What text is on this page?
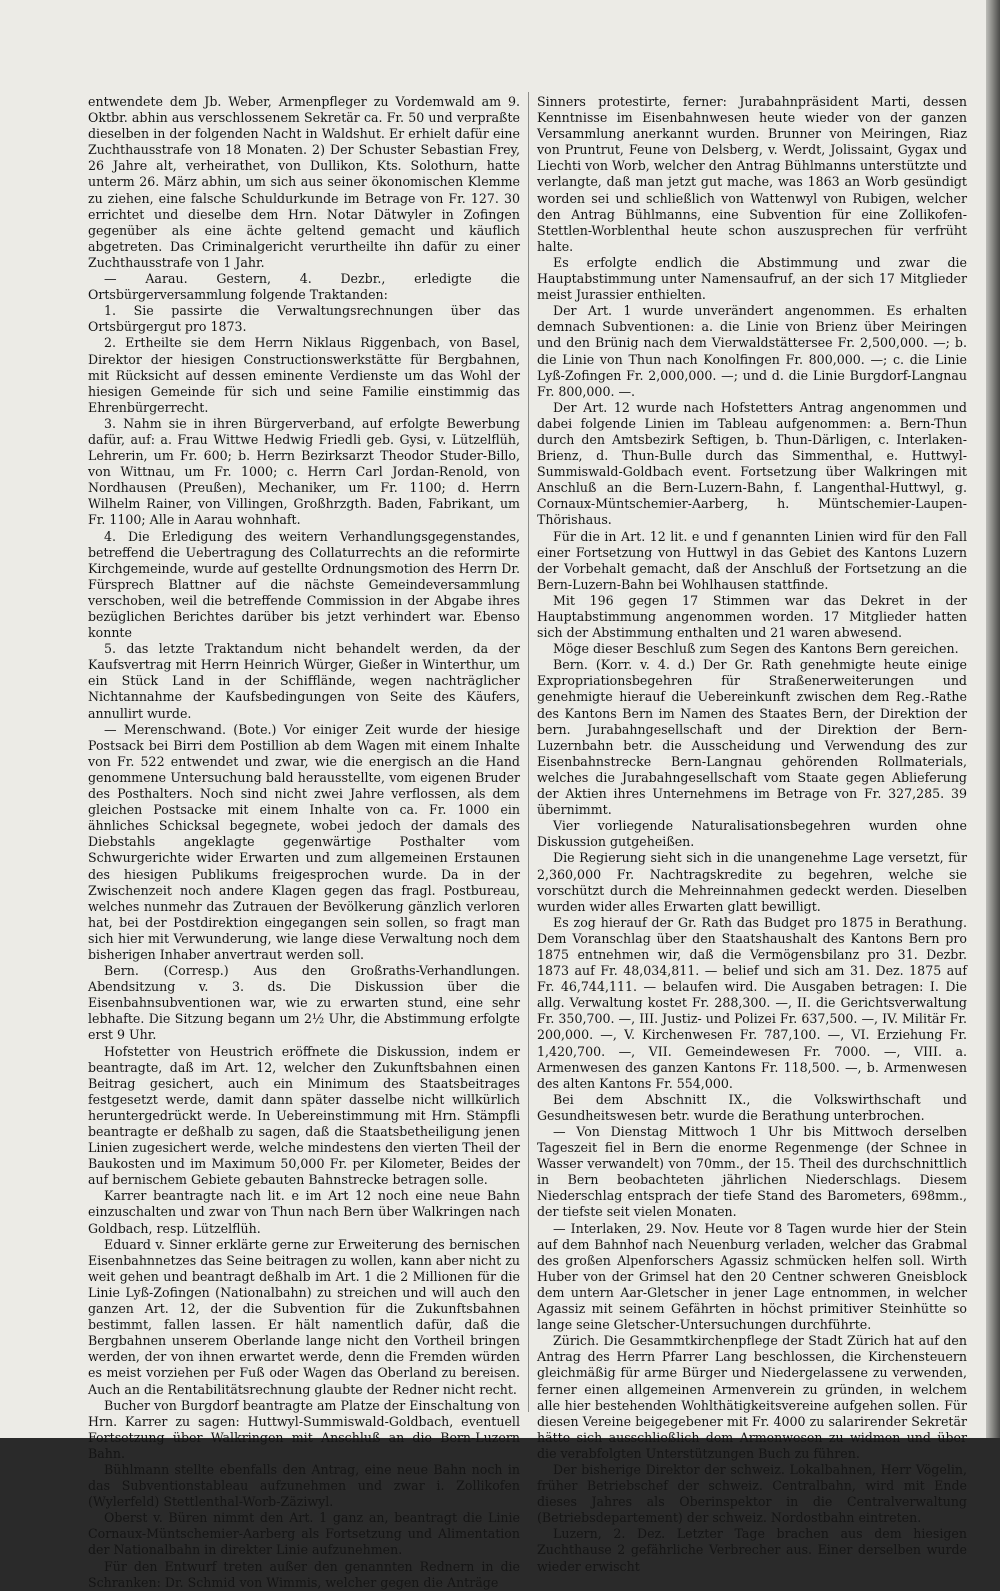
entwendete dem Jb. Weber, Armenpfleger zu Vordemwald am 9. Oktbr. abhin aus verschlossenem Sekretär ca. Fr. 50 und verpraßte dieselben in der folgenden Nacht in Waldshut. Er erhielt dafür eine Zuchthausstrafe von 18 Monaten. 2) Der Schuster Sebastian Frey, 26 Jahre alt, verheirathet, von Dullikon, Kts. Solothurn, hatte unterm 26. März abhin, um sich aus seiner ökonomischen Klemme zu ziehen, eine falsche Schuldurkunde im Betrage von Fr. 127. 30 errichtet und dieselbe dem Hrn. Notar Dätwyler in Zofingen gegenüber als eine ächte geltend gemacht und käuflich abgetreten. Das Criminalgericht verurtheilte ihn dafür zu einer Zuchthausstrafe von 1 Jahr.

— Aarau. Gestern, 4. Dezbr., erledigte die Ortsbürgerversammlung folgende Traktanden:

1. Sie passirte die Verwaltungsrechnungen über das Ortsbürgergut pro 1873.

2. Ertheilte sie dem Herrn Niklaus Riggenbach, von Basel, Direktor der hiesigen Constructionswerkstätte für Bergbahnen, mit Rücksicht auf dessen eminente Verdienste um das Wohl der hiesigen Gemeinde für sich und seine Familie einstimmig das Ehrenbürgerrecht.

3. Nahm sie in ihren Bürgerverband, auf erfolgte Bewerbung dafür, auf: a. Frau Wittwe Hedwig Friedli geb. Gysi, v. Lützelflüh, Lehrerin, um Fr. 600; b. Herrn Bezirksarzt Theodor Studer-Billo, von Wittnau, um Fr. 1000; c. Herrn Carl Jordan-Renold, von Nordhausen (Preußen), Mechaniker, um Fr. 1100; d. Herrn Wilhelm Rainer, von Villingen, Großhrzgth. Baden, Fabrikant, um Fr. 1100; Alle in Aarau wohnhaft.

4. Die Erledigung des weitern Verhandlungsgegenstandes, betreffend die Uebertragung des Collaturrechts an die reformirte Kirchgemeinde, wurde auf gestellte Ordnungsmotion des Herrn Dr. Fürsprech Blattner auf die nächste Gemeindeversammlung verschoben, weil die betreffende Commission in der Abgabe ihres bezüglichen Berichtes darüber bis jetzt verhindert war. Ebenso konnte

5. das letzte Traktandum nicht behandelt werden, da der Kaufsvertrag mit Herrn Heinrich Würger, Gießer in Winterthur, um ein Stück Land in der Schifflände, wegen nachträglicher Nichtannahme der Kaufsbedingungen von Seite des Käufers, annullirt wurde.

— Merenschwand. (Bote.) Vor einiger Zeit wurde der hiesige Postsack bei Birri dem Postillion ab dem Wagen mit einem Inhalte von Fr. 522 entwendet und zwar, wie die energisch an die Hand genommene Untersuchung bald herausstellte, vom eigenen Bruder des Posthalters. Noch sind nicht zwei Jahre verflossen, als dem gleichen Postsacke mit einem Inhalte von ca. Fr. 1000 ein ähnliches Schicksal begegnete, wobei jedoch der damals des Diebstahls angeklagte gegenwärtige Posthalter vom Schwurgerichte wider Erwarten und zum allgemeinen Erstaunen des hiesigen Publikums freigesprochen wurde. Da in der Zwischenzeit noch andere Klagen gegen das fragl. Postbureau, welches nunmehr das Zutrauen der Bevölkerung gänzlich verloren hat, bei der Postdirektion eingegangen sein sollen, so fragt man sich hier mit Verwunderung, wie lange diese Verwaltung noch dem bisherigen Inhaber anvertraut werden soll.

Bern. (Corresp.) Aus den Großraths-Verhandlungen. Abendsitzung v. 3. ds. Die Diskussion über die Eisenbahnsubventionen war, wie zu erwarten stund, eine sehr lebhafte. Die Sitzung begann um 2½ Uhr, die Abstimmung erfolgte erst 9 Uhr.

Hofstetter von Heustrich eröffnete die Diskussion, indem er beantragte, daß im Art. 12, welcher den Zukunftsbahnen einen Beitrag gesichert, auch ein Minimum des Staatsbeitrages festgesetzt werde, damit dann später dasselbe nicht willkürlich heruntergedrückt werde. In Uebereinstimmung mit Hrn. Stämpfli beantragte er deßhalb zu sagen, daß die Staatsbetheiligung jenen Linien zugesichert werde, welche mindestens den vierten Theil der Baukosten und im Maximum 50,000 Fr. per Kilometer, Beides der auf bernischem Gebiete gebauten Bahnstrecke betragen solle.

Karrer beantragte nach lit. e im Art 12 noch eine neue Bahn einzuschalten und zwar von Thun nach Bern über Walkringen nach Goldbach, resp. Lützelflüh.

Eduard v. Sinner erklärte gerne zur Erweiterung des bernischen Eisenbahnnetzes das Seine beitragen zu wollen, kann aber nicht zu weit gehen und beantragt deßhalb im Art. 1 die 2 Millionen für die Linie Lyß-Zofingen (Nationalbahn) zu streichen und will auch den ganzen Art. 12, der die Subvention für die Zukunftsbahnen bestimmt, fallen lassen. Er hält namentlich dafür, daß die Bergbahnen unserem Oberlande lange nicht den Vortheil bringen werden, der von ihnen erwartet werde, denn die Fremden würden es meist vorziehen per Fuß oder Wagen das Oberland zu bereisen. Auch an die Rentabilitätsrechnung glaubte der Redner nicht recht.

Bucher von Burgdorf beantragte am Platze der Einschaltung von Hrn. Karrer zu sagen: Huttwyl-Summiswald-Goldbach, eventuell Fortsetzung über Walkringen mit Anschluß an die Bern-Luzern Bahn.

Bühlmann stellte ebenfalls den Antrag, eine neue Bahn noch in das Subventionstableau aufzunehmen und zwar i. Zollikofen (Wylerfeld) Stettlenthal-Worb-Zäziwyl.

Oberst v. Büren nimmt den Art. 1 ganz an, beantragt die Linie Cornaux-Müntschemier-Aarberg als Fortsetzung und Alimentation der Nationalbahn in direkter Linie aufzunehmen.

Für den Entwurf treten außer den genannten Rednern in die Schranken: Dr. Schmid von Wimmis, welcher gegen die Anträge

Sinners protestirte, ferner: Jurabahnpräsident Marti, dessen Kenntnisse im Eisenbahnwesen heute wieder von der ganzen Versammlung anerkannt wurden. Brunner von Meiringen, Riaz von Pruntrut, Feune von Delsberg, v. Werdt, Jolissaint, Gygax und Liechti von Worb, welcher den Antrag Bühlmanns unterstützte und verlangte, daß man jetzt gut mache, was 1863 an Worb gesündigt worden sei und schließlich von Wattenwyl von Rubigen, welcher den Antrag Bühlmanns, eine Subvention für eine Zollikofen-Stettlen-Worblenthal heute schon auszusprechen für verfrüht halte.

Es erfolgte endlich die Abstimmung und zwar die Hauptabstimmung unter Namensaufruf, an der sich 17 Mitglieder meist Jurassier enthielten.

Der Art. 1 wurde unverändert angenommen. Es erhalten demnach Subventionen: a. die Linie von Brienz über Meiringen und den Brünig nach dem Vierwaldstättersee Fr. 2,500,000. —; b. die Linie von Thun nach Konolfingen Fr. 800,000. —; c. die Linie Lyß-Zofingen Fr. 2,000,000. —; und d. die Linie Burgdorf-Langnau Fr. 800,000. —.

Der Art. 12 wurde nach Hofstetters Antrag angenommen und dabei folgende Linien im Tableau aufgenommen: a. Bern-Thun durch den Amtsbezirk Seftigen, b. Thun-Därligen, c. Interlaken-Brienz, d. Thun-Bulle durch das Simmenthal, e. Huttwyl-Summiswald-Goldbach event. Fortsetzung über Walkringen mit Anschluß an die Bern-Luzern-Bahn, f. Langenthal-Huttwyl, g. Cornaux-Müntschemier-Aarberg, h. Müntschemier-Laupen-Thörishaus.

Für die in Art. 12 lit. e und f genannten Linien wird für den Fall einer Fortsetzung von Huttwyl in das Gebiet des Kantons Luzern der Vorbehalt gemacht, daß der Anschluß der Fortsetzung an die Bern-Luzern-Bahn bei Wohlhausen stattfinde.

Mit 196 gegen 17 Stimmen war das Dekret in der Hauptabstimmung angenommen worden. 17 Mitglieder hatten sich der Abstimmung enthalten und 21 waren abwesend.

Möge dieser Beschluß zum Segen des Kantons Bern gereichen.

Bern. (Korr. v. 4. d.) Der Gr. Rath genehmigte heute einige Expropriationsbegehren für Straßenerweiterungen und genehmigte hierauf die Uebereinkunft zwischen dem Reg.-Rathe des Kantons Bern im Namen des Staates Bern, der Direktion der bern. Jurabahngesellschaft und der Direktion der Bern-Luzernbahn betr. die Ausscheidung und Verwendung des zur Eisenbahnstrecke Bern-Langnau gehörenden Rollmaterials, welches die Jurabahngesellschaft vom Staate gegen Ablieferung der Aktien ihres Unternehmens im Betrage von Fr. 327,285. 39 übernimmt.

Vier vorliegende Naturalisationsbegehren wurden ohne Diskussion gutgeheißen.

Die Regierung sieht sich in die unangenehme Lage versetzt, für 2,360,000 Fr. Nachtragskredite zu begehren, welche sie vorschützt durch die Mehreinnahmen gedeckt werden. Dieselben wurden wider alles Erwarten glatt bewilligt.

Es zog hierauf der Gr. Rath das Budget pro 1875 in Berathung. Dem Voranschlag über den Staatshaushalt des Kantons Bern pro 1875 entnehmen wir, daß die Vermögensbilanz pro 31. Dezbr. 1873 auf Fr. 48,034,811. — belief und sich am 31. Dez. 1875 auf Fr. 46,744,111. — belaufen wird. Die Ausgaben betragen: I. Die allg. Verwaltung kostet Fr. 288,300. —, II. die Gerichtsverwaltung Fr. 350,700. —, III. Justiz- und Polizei Fr. 637,500. —, IV. Militär Fr. 200,000. —, V. Kirchenwesen Fr. 787,100. —, VI. Erziehung Fr. 1,420,700. —, VII. Gemeindewesen Fr. 7000. —, VIII. a. Armenwesen des ganzen Kantons Fr. 118,500. —, b. Armenwesen des alten Kantons Fr. 554,000.

Bei dem Abschnitt IX., die Volkswirthschaft und Gesundheitswesen betr. wurde die Berathung unterbrochen.

— Von Dienstag Mittwoch 1 Uhr bis Mittwoch derselben Tageszeit fiel in Bern die enorme Regenmenge (der Schnee in Wasser verwandelt) von 70mm., der 15. Theil des durchschnittlich in Bern beobachteten jährlichen Niederschlags. Diesem Niederschlag entsprach der tiefe Stand des Barometers, 698mm., der tiefste seit vielen Monaten.

— Interlaken, 29. Nov. Heute vor 8 Tagen wurde hier der Stein auf dem Bahnhof nach Neuenburg verladen, welcher das Grabmal des großen Alpenforschers Agassiz schmücken helfen soll. Wirth Huber von der Grimsel hat den 20 Centner schweren Gneisblock dem untern Aar-Gletscher in jener Lage entnommen, in welcher Agassiz mit seinem Gefährten in höchst primitiver Steinhütte so lange seine Gletscher-Untersuchungen durchführte.

Zürich. Die Gesammtkirchenpflege der Stadt Zürich hat auf den Antrag des Herrn Pfarrer Lang beschlossen, die Kirchensteuern gleichmäßig für arme Bürger und Niedergelassene zu verwenden, ferner einen allgemeinen Armenverein zu gründen, in welchem alle hier bestehenden Wohlthätigkeitsvereine aufgehen sollen. Für diesen Vereine beigegebener mit Fr. 4000 zu salarirender Sekretär hätte sich ausschließlich dem Armenwesen zu widmen und über die verabfolgten Unterstützungen Buch zu führen.

Der bisherige Direktor der schweiz. Lokalbahnen, Herr Vögelin, früher Betriebschef der schweiz. Centralbahn, wird mit Ende dieses Jahres als Oberinspektor in die Centralverwaltung (Betriebsdepartement) der schweiz. Nordostbahn eintreten.

Luzern, 2. Dez. Letzter Tage brachen aus dem hiesigen Zuchthause 2 gefährliche Verbrecher aus. Einer derselben wurde wieder erwischt
